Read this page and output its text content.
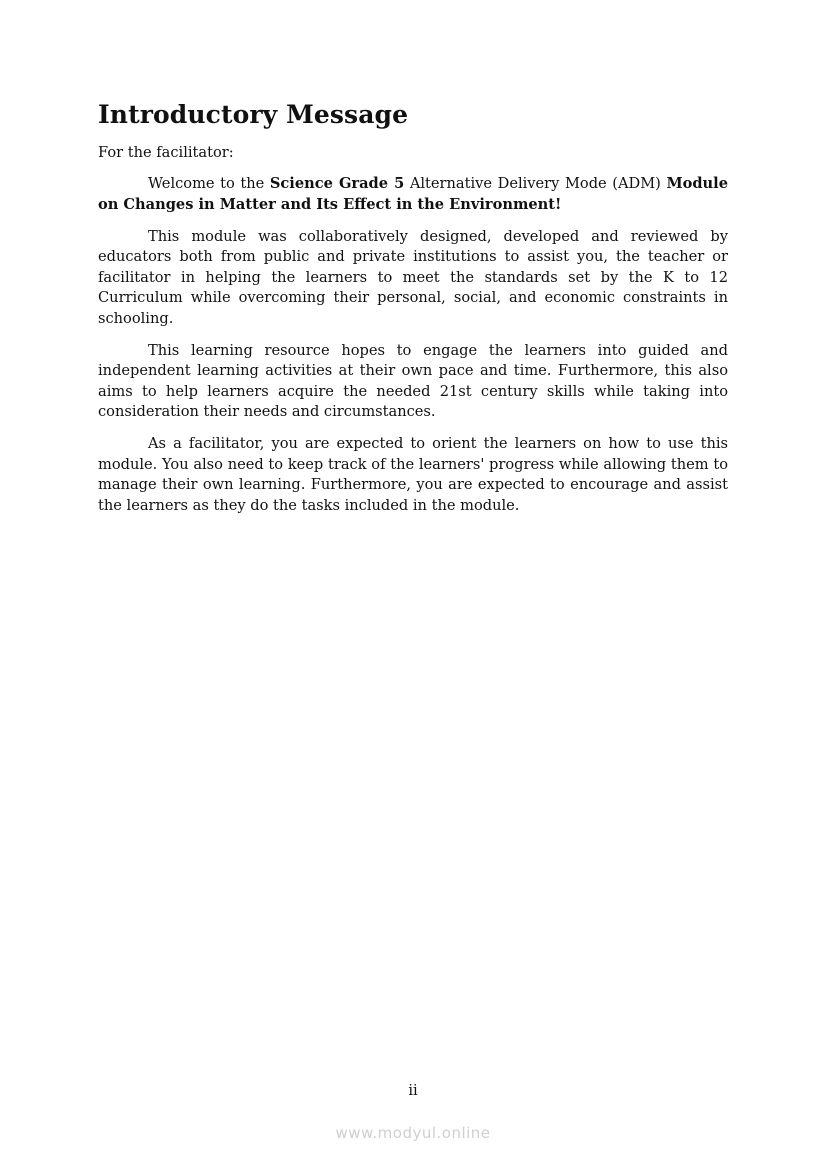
Introductory Message

For the facilitator:

Welcome to the Science Grade 5 Alternative Delivery Mode (ADM) Module on Changes in Matter and Its Effect in the Environment!

This module was collaboratively designed, developed and reviewed by educators both from public and private institutions to assist you, the teacher or facilitator in helping the learners to meet the standards set by the K to 12 Curriculum while overcoming their personal, social, and economic constraints in schooling.

This learning resource hopes to engage the learners into guided and independent learning activities at their own pace and time. Furthermore, this also aims to help learners acquire the needed 21st century skills while taking into consideration their needs and circumstances.

As a facilitator, you are expected to orient the learners on how to use this module. You also need to keep track of the learners' progress while allowing them to manage their own learning. Furthermore, you are expected to encourage and assist the learners as they do the tasks included in the module.

ii
www.modyul.online
